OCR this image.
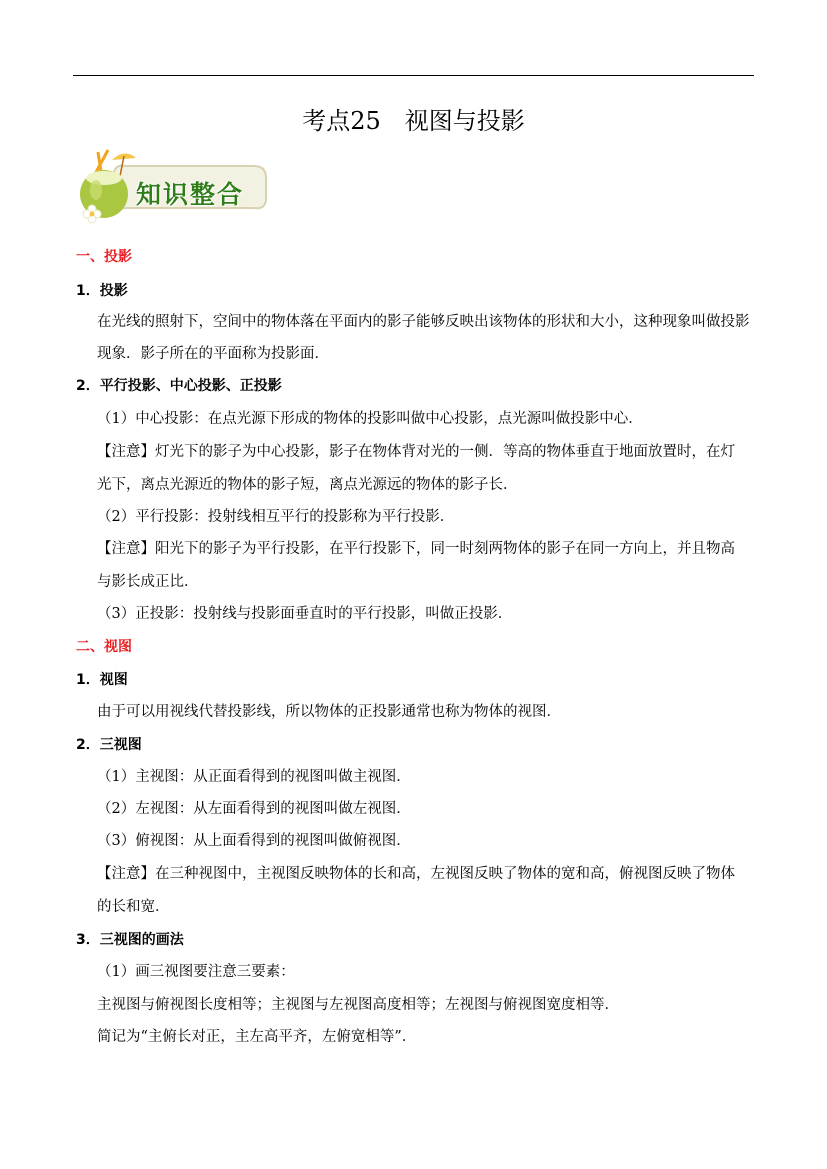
考点25　视图与投影
知识整合
一、投影
1．投影
在光线的照射下，空间中的物体落在平面内的影子能够反映出该物体的形状和大小，这种现象叫做投影
现象．影子所在的平面称为投影面．
2．平行投影、中心投影、正投影
（1）中心投影：在点光源下形成的物体的投影叫做中心投影，点光源叫做投影中心．
【注意】灯光下的影子为中心投影，影子在物体背对光的一侧．等高的物体垂直于地面放置时，在灯
光下，离点光源近的物体的影子短，离点光源远的物体的影子长．
（2）平行投影：投射线相互平行的投影称为平行投影．
【注意】阳光下的影子为平行投影，在平行投影下，同一时刻两物体的影子在同一方向上，并且物高
与影长成正比．
（3）正投影：投射线与投影面垂直时的平行投影，叫做正投影．
二、视图
1．视图
由于可以用视线代替投影线，所以物体的正投影通常也称为物体的视图．
2．三视图
（1）主视图：从正面看得到的视图叫做主视图．
（2）左视图：从左面看得到的视图叫做左视图．
（3）俯视图：从上面看得到的视图叫做俯视图．
【注意】在三种视图中，主视图反映物体的长和高，左视图反映了物体的宽和高，俯视图反映了物体
的长和宽．
3．三视图的画法
（1）画三视图要注意三要素：
主视图与俯视图长度相等；主视图与左视图高度相等；左视图与俯视图宽度相等．
简记为“主俯长对正，主左高平齐，左俯宽相等”．
